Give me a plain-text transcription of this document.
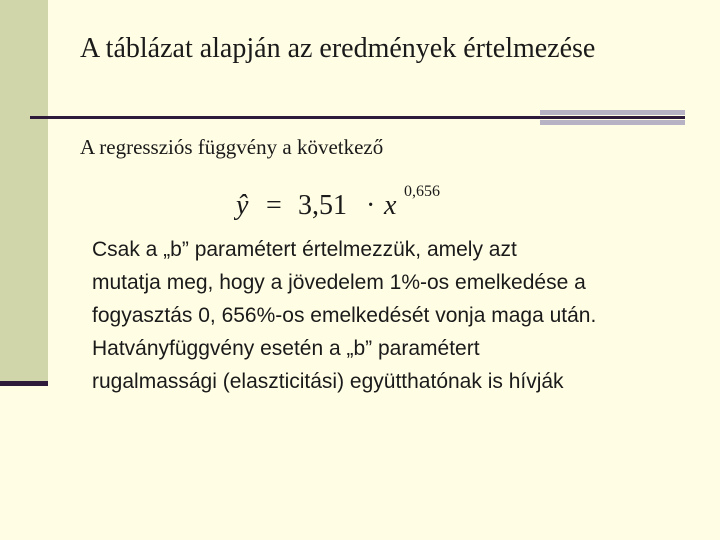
A táblázat alapján az eredmények értelmezése

A regressziós függvény a következő

ŷ = 3,51 · x 0,656

Csak a „b” paramétert értelmezzük, amely azt
mutatja meg, hogy a jövedelem 1%-os emelkedése a
fogyasztás 0, 656%-os emelkedését vonja maga után.
Hatványfüggvény esetén a „b” paramétert
rugalmassági (elaszticitási) együtthatónak is hívják
